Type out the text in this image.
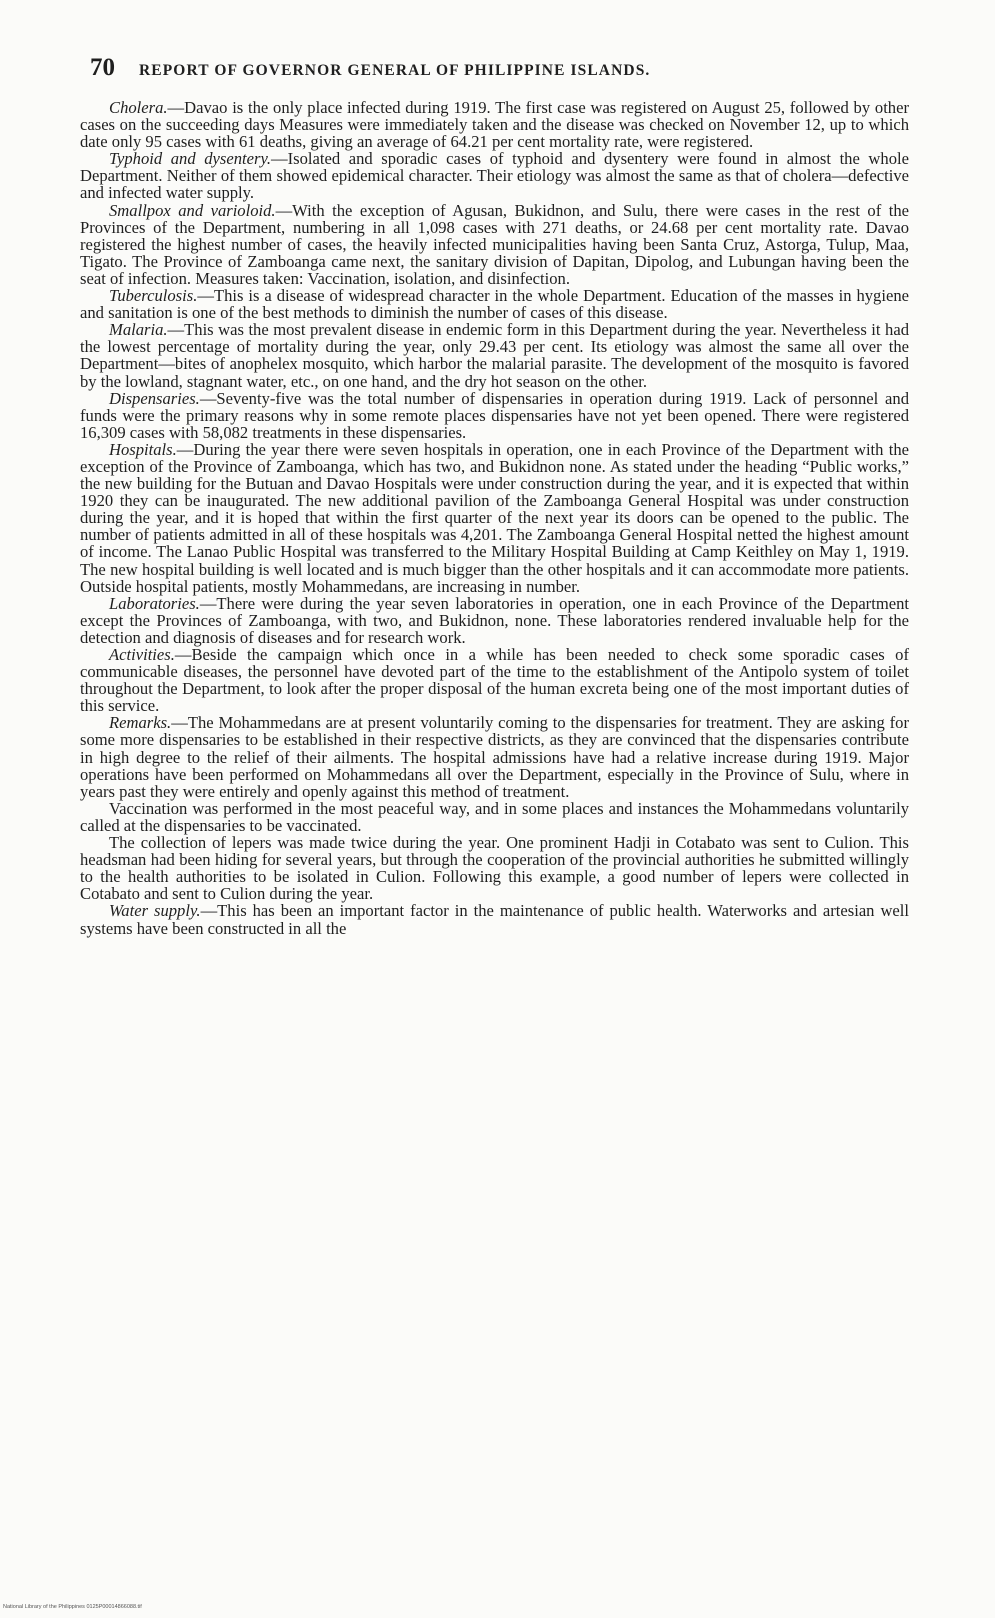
70 REPORT OF GOVERNOR GENERAL OF PHILIPPINE ISLANDS.

Cholera.—Davao is the only place infected during 1919. The first case was registered on August 25, followed by other cases on the succeeding days Measures were immediately taken and the disease was checked on November 12, up to which date only 95 cases with 61 deaths, giving an average of 64.21 per cent mortality rate, were registered.

Typhoid and dysentery.—Isolated and sporadic cases of typhoid and dysentery were found in almost the whole Department. Neither of them showed epidemical character. Their etiology was almost the same as that of cholera—defective and infected water supply.

Smallpox and varioloid.—With the exception of Agusan, Bukidnon, and Sulu, there were cases in the rest of the Provinces of the Department, numbering in all 1,098 cases with 271 deaths, or 24.68 per cent mortality rate. Davao registered the highest number of cases, the heavily infected municipalities having been Santa Cruz, Astorga, Tulup, Maa, Tigato. The Province of Zamboanga came next, the sanitary division of Dapitan, Dipolog, and Lubungan having been the seat of infection. Measures taken: Vaccination, isolation, and disinfection.

Tuberculosis.—This is a disease of widespread character in the whole Department. Education of the masses in hygiene and sanitation is one of the best methods to diminish the number of cases of this disease.

Malaria.—This was the most prevalent disease in endemic form in this Department during the year. Nevertheless it had the lowest percentage of mortality during the year, only 29.43 per cent. Its etiology was almost the same all over the Department—bites of anophelex mosquito, which harbor the malarial parasite. The development of the mosquito is favored by the lowland, stagnant water, etc., on one hand, and the dry hot season on the other.

Dispensaries.—Seventy-five was the total number of dispensaries in operation during 1919. Lack of personnel and funds were the primary reasons why in some remote places dispensaries have not yet been opened. There were registered 16,309 cases with 58,082 treatments in these dispensaries.

Hospitals.—During the year there were seven hospitals in operation, one in each Province of the Department with the exception of the Province of Zamboanga, which has two, and Bukidnon none. As stated under the heading “Public works,” the new building for the Butuan and Davao Hospitals were under construction during the year, and it is expected that within 1920 they can be inaugurated. The new additional pavilion of the Zamboanga General Hospital was under construction during the year, and it is hoped that within the first quarter of the next year its doors can be opened to the public. The number of patients admitted in all of these hospitals was 4,201. The Zamboanga General Hospital netted the highest amount of income. The Lanao Public Hospital was transferred to the Military Hospital Building at Camp Keithley on May 1, 1919. The new hospital building is well located and is much bigger than the other hospitals and it can accommodate more patients. Outside hospital patients, mostly Mohammedans, are increasing in number.

Laboratories.—There were during the year seven laboratories in operation, one in each Province of the Department except the Provinces of Zamboanga, with two, and Bukidnon, none. These laboratories rendered invaluable help for the detection and diagnosis of diseases and for research work.

Activities.—Beside the campaign which once in a while has been needed to check some sporadic cases of communicable diseases, the personnel have devoted part of the time to the establishment of the Antipolo system of toilet throughout the Department, to look after the proper disposal of the human excreta being one of the most important duties of this service.

Remarks.—The Mohammedans are at present voluntarily coming to the dispensaries for treatment. They are asking for some more dispensaries to be established in their respective districts, as they are convinced that the dispensaries contribute in high degree to the relief of their ailments. The hospital admissions have had a relative increase during 1919. Major operations have been performed on Mohammedans all over the Department, especially in the Province of Sulu, where in years past they were entirely and openly against this method of treatment.

Vaccination was performed in the most peaceful way, and in some places and instances the Mohammedans voluntarily called at the dispensaries to be vaccinated.

The collection of lepers was made twice during the year. One prominent Hadji in Cotabato was sent to Culion. This headsman had been hiding for several years, but through the cooperation of the provincial authorities he submitted willingly to the health authorities to be isolated in Culion. Following this example, a good number of lepers were collected in Cotabato and sent to Culion during the year.

Water supply.—This has been an important factor in the maintenance of public health. Waterworks and artesian well systems have been constructed in all the

National Library of the Philippines 0125P00014866088.tif
